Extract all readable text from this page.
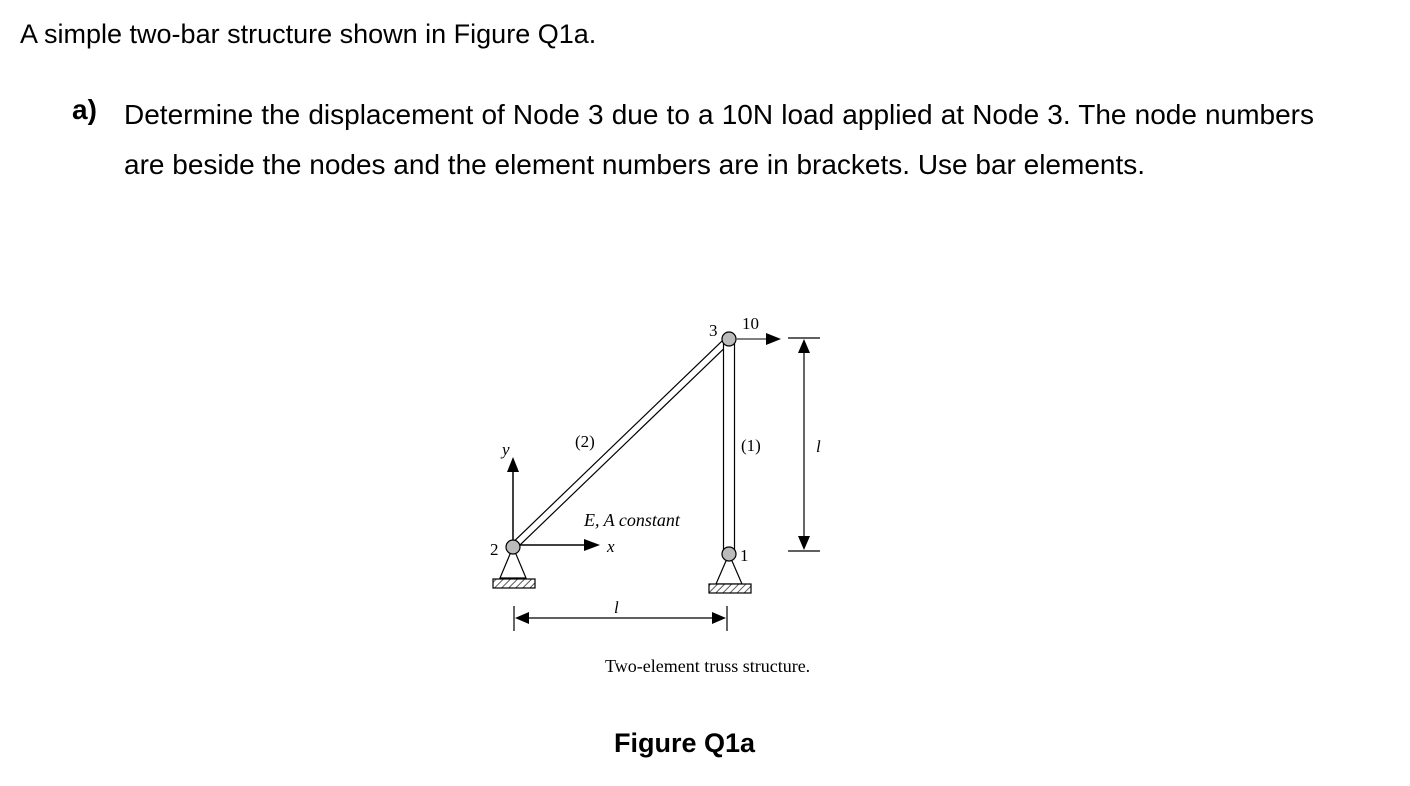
A simple two-bar structure shown in Figure Q1a.
a) Determine the displacement of Node 3 due to a 10N load applied at Node 3. The node numbers are beside the nodes and the element numbers are in brackets. Use bar elements.
3
2	1
10
(2)	(1)
y
x
E, A constant
l
l
Two-element truss structure.
Figure Q1a
